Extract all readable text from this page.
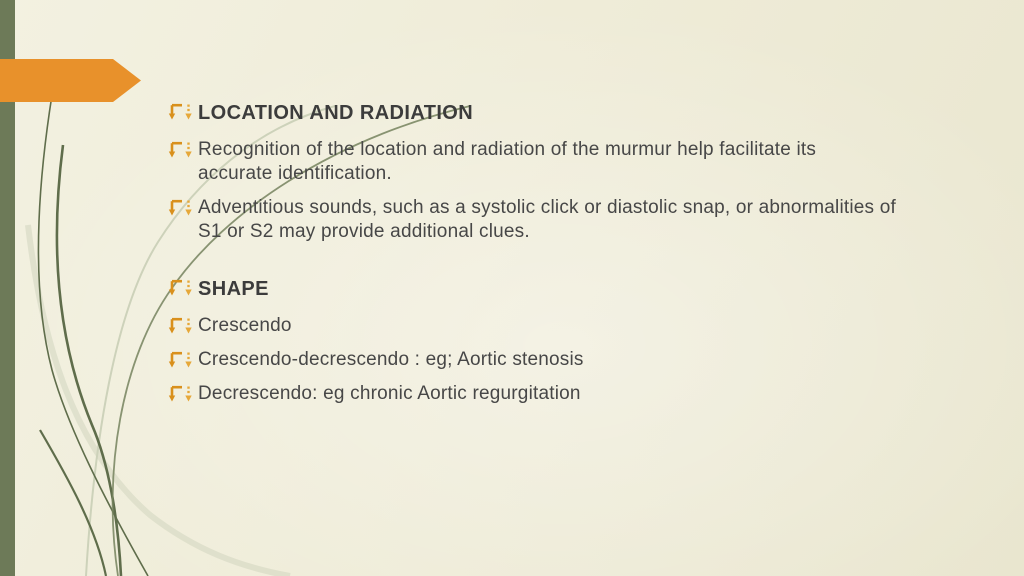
LOCATION AND RADIATION
Recognition of the location and radiation of the murmur help facilitate its
accurate identification.
Adventitious sounds, such as a systolic click or diastolic snap, or abnormalities of
S1 or S2 may provide additional clues.
SHAPE
Crescendo
Crescendo-decrescendo : eg; Aortic stenosis
Decrescendo: eg chronic Aortic regurgitation
